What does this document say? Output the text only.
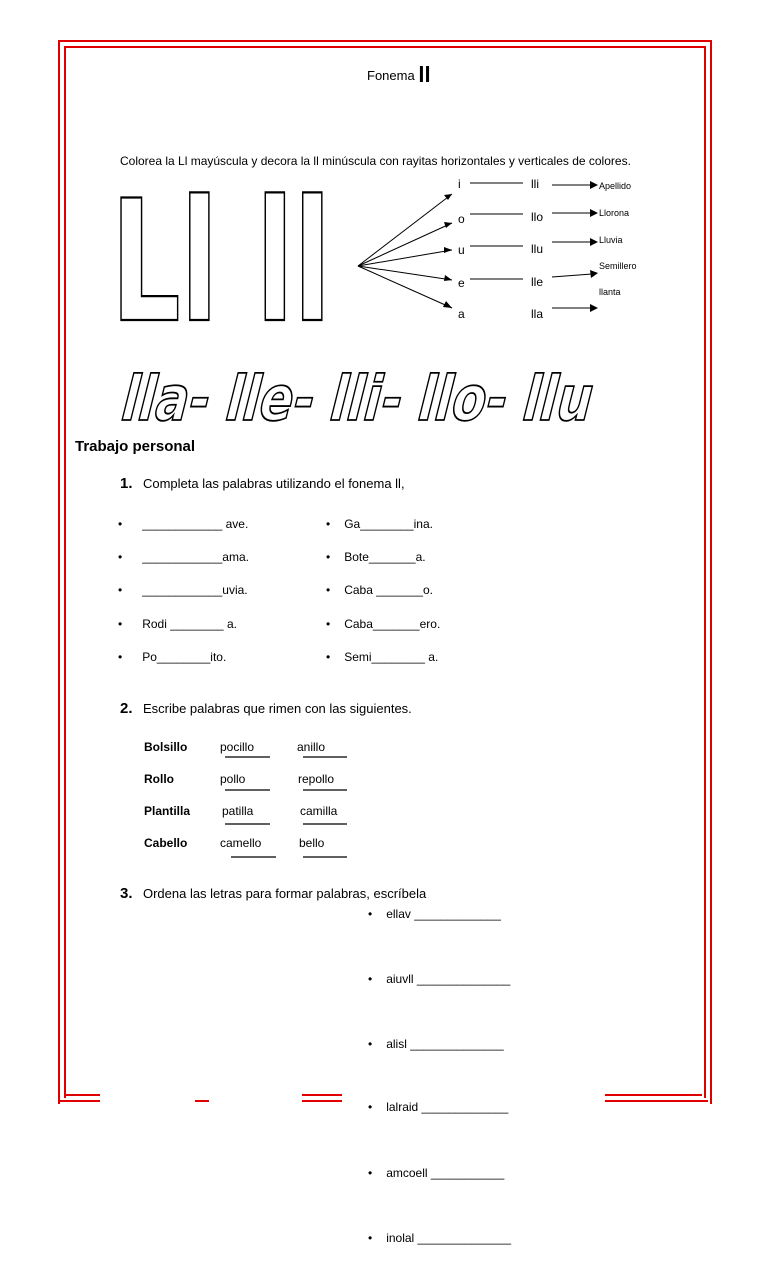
Fonema ll
Colorea la Ll mayúscula y decora la ll minúscula con rayitas horizontales y verticales de colores.
Ll ll	i
o
u
e
a
lli
llo
llu
lle
lla
Apellido
Llorona
Lluvia
Semillero
llanta
lla- lle- lli- llo- llu
Trabajo personal
1. Completa las palabras utilizando el fonema ll,
• ____________ ave.
• ____________ama.
• ____________uvia.
• Rodi ________ a.
• Po________ito.
• Ga________ina.
• Bote_______a.
• Caba _______o.
• Caba_______ero.
• Semi________ a.
2. Escribe palabras que rimen con las siguientes.
Bolsillo	pocillo	anillo
Rollo	pollo	repollo
Plantilla	patilla	camilla
Cabello	camello	bello
3. Ordena las letras para formar palabras, escríbela
• ellav _____________
• aiuvll ______________
• alisl ______________
• lalraid _____________
• amcoell ___________
• inolal ______________
